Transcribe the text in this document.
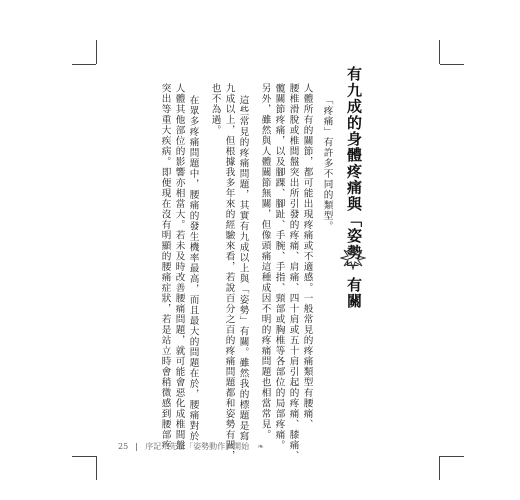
有九成的身體疼痛與「姿勢」有關
「疼痛」有許多不同的類型。
人體所有的關節，都可能出現疼痛或不適感。一般常見的疼痛類型有腰痛、
腰椎滑脫或椎間盤突出所引發的疼痛、肩痛、四十肩或五十肩引起的疼痛、膝痛、
髖關節疼痛，以及腳踝、腳趾、手腕、手指、頸部或胸椎等各部位的局部疼痛。
另外，雖然與人體關節無關，但像頭痛這種成因不明的疼痛問題也相當常見。
這些常見的疼痛問題，其實有九成以上與「姿勢」有關。雖然我的標題是寫
九成以上，但根據我多年來的經驗來看，若說百分之百的疼痛問題都和姿勢有關，
也不為過。
在眾多疼痛問題中，腰痛的發生機率最高，而且最大的問題在於，腰痛對於
人體其他部位的影響亦相當大。若未及時改善腰痛問題，就可能會惡化成椎間盤
突出等重大疾病。即便現在沒有明顯的腰痛症狀，若是站立時會稍微感到腰部疼
25 序記｜先看「姿勢動作」開始 ❧
